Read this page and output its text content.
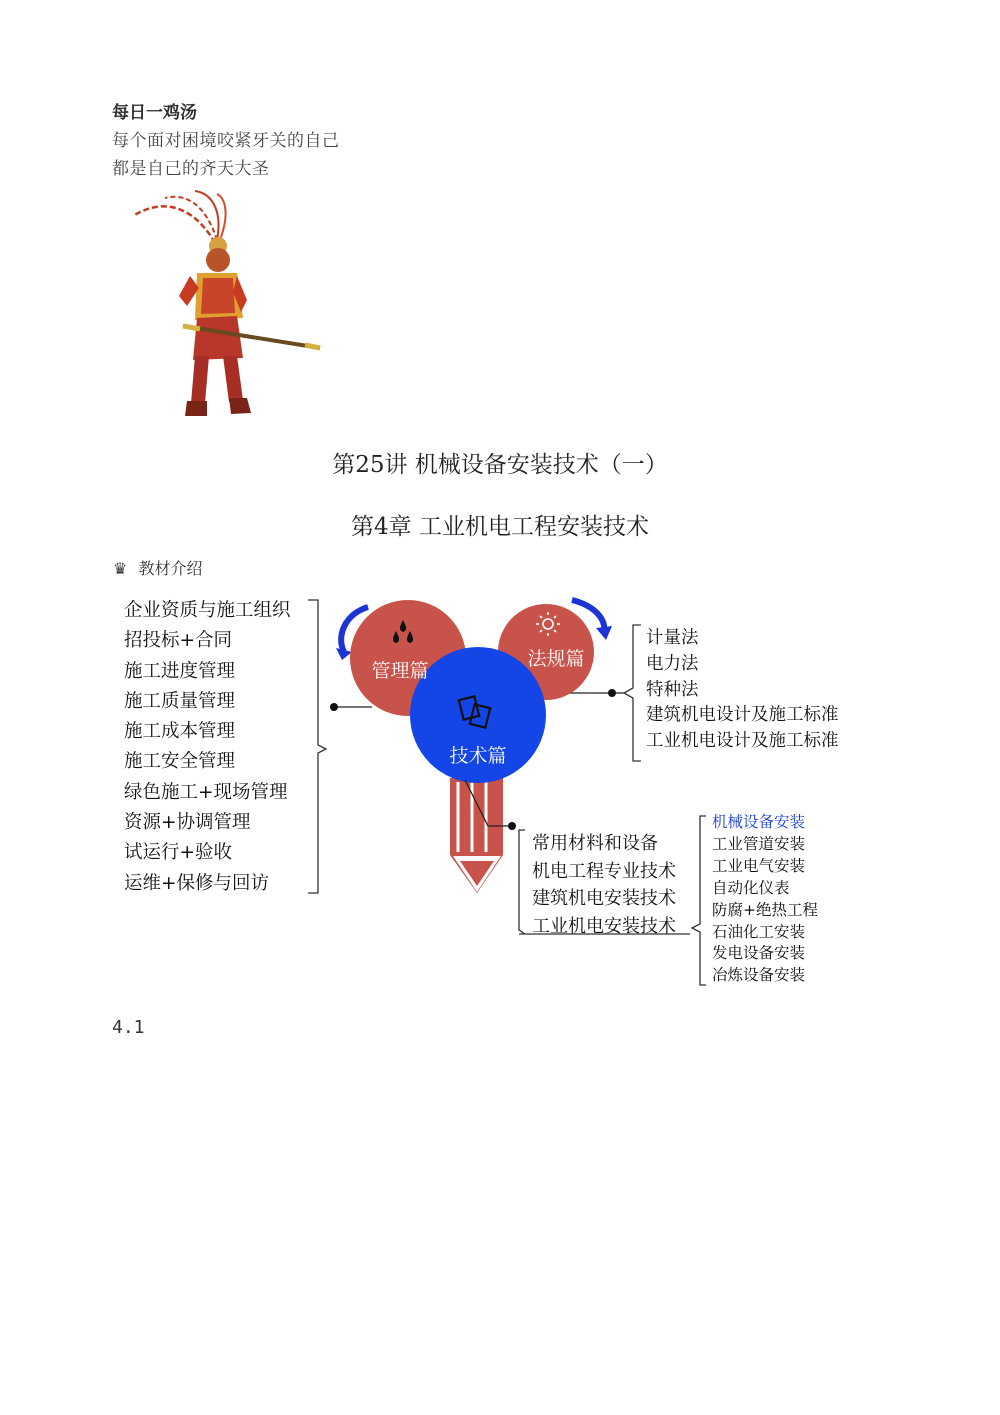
每日一鸡汤
每个面对困境咬紧牙关的自己
都是自己的齐天大圣
第25讲 机械设备安装技术（一）
第4章 工业机电工程安装技术
♛ 教材介绍
管理篇
法规篇
技术篇
企业资质与施工组织
招投标+合同
施工进度管理
施工质量管理
施工成本管理
施工安全管理
绿色施工+现场管理
资源+协调管理
试运行+验收
运维+保修与回访
计量法
电力法
特种法
建筑机电设计及施工标准
工业机电设计及施工标准
常用材料和设备
机电工程专业技术
建筑机电安装技术
工业机电安装技术
机械设备安装
工业管道安装
工业电气安装
自动化仪表
防腐+绝热工程
石油化工安装
发电设备安装
冶炼设备安装
4.1
